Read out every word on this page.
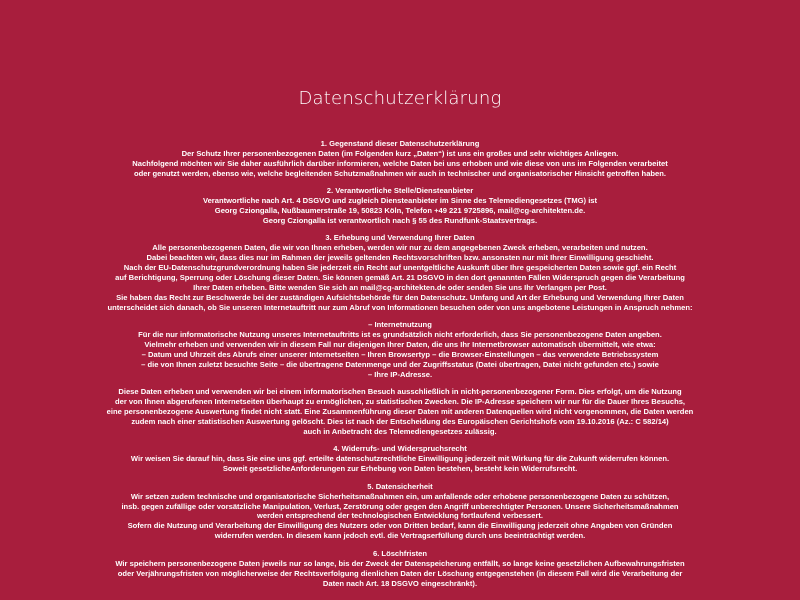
Datenschutzerklärung
1. Gegenstand dieser Datenschutzerklärung
Der Schutz Ihrer personenbezogenen Daten (im Folgenden kurz „Daten“) ist uns ein großes und sehr wichtiges Anliegen.
Nachfolgend möchten wir Sie daher ausführlich darüber informieren, welche Daten bei uns erhoben und wie diese von uns im Folgenden verarbeitet
oder genutzt werden, ebenso wie, welche begleitenden Schutzmaßnahmen wir auch in technischer und organisatorischer Hinsicht getroffen haben.
2. Verantwortliche Stelle/Diensteanbieter
Verantwortliche nach Art. 4 DSGVO und zugleich Diensteanbieter im Sinne des Telemediengesetzes (TMG) ist
Georg Cziongalla, Nußbaumerstraße 19, 50823 Köln, Telefon +49 221 9725896, mail@cg-architekten.de.
Georg Cziongalla ist verantwortlich nach § 55 des Rundfunk-Staatsvertrags.
3. Erhebung und Verwendung Ihrer Daten
Alle personenbezogenen Daten, die wir von Ihnen erheben, werden wir nur zu dem angegebenen Zweck erheben, verarbeiten und nutzen.
Dabei beachten wir, dass dies nur im Rahmen der jeweils geltenden Rechtsvorschriften bzw. ansonsten nur mit Ihrer Einwilligung geschieht.
Nach der EU-Datenschutzgrundverordnung haben Sie jederzeit ein Recht auf unentgeltliche Auskunft über Ihre gespeicherten Daten sowie ggf. ein Recht
auf Berichtigung, Sperrung oder Löschung dieser Daten. Sie können gemäß Art. 21 DSGVO in den dort genannten Fällen Widerspruch gegen die Verarbeitung
Ihrer Daten erheben. Bitte wenden Sie sich an mail@cg-architekten.de oder senden Sie uns Ihr Verlangen per Post.
Sie haben das Recht zur Beschwerde bei der zuständigen Aufsichtsbehörde für den Datenschutz. Umfang und Art der Erhebung und Verwendung Ihrer Daten
unterscheidet sich danach, ob Sie unseren Internetauftritt nur zum Abruf von Informationen besuchen oder von uns angebotene Leistungen in Anspruch nehmen:
– Internetnutzung
Für die nur informatorische Nutzung unseres Internetauftritts ist es grundsätzlich nicht erforderlich, dass Sie personenbezogene Daten angeben.
Vielmehr erheben und verwenden wir in diesem Fall nur diejenigen Ihrer Daten, die uns Ihr Internetbrowser automatisch übermittelt, wie etwa:
– Datum und Uhrzeit des Abrufs einer unserer Internetseiten – Ihren Browsertyp – die Browser-Einstellungen – das verwendete Betriebssystem
– die von Ihnen zuletzt besuchte Seite – die übertragene Datenmenge und der Zugriffsstatus (Datei übertragen, Datei nicht gefunden etc.) sowie
– Ihre IP-Adresse.
Diese Daten erheben und verwenden wir bei einem informatorischen Besuch ausschließlich in nicht-personenbezogener Form. Dies erfolgt, um die Nutzung
der von Ihnen abgerufenen Internetseiten überhaupt zu ermöglichen, zu statistischen Zwecken. Die IP-Adresse speichern wir nur für die Dauer Ihres Besuchs,
eine personenbezogene Auswertung findet nicht statt. Eine Zusammenführung dieser Daten mit anderen Datenquellen wird nicht vorgenommen, die Daten werden
zudem nach einer statistischen Auswertung gelöscht. Dies ist nach der Entscheidung des Europäischen Gerichtshofs vom 19.10.2016 (Az.: C 582/14)
auch in Anbetracht des Telemediengesetzes zulässig.
4. Widerrufs- und Widerspruchsrecht
Wir weisen Sie darauf hin, dass Sie eine uns ggf. erteilte datenschutzrechtliche Einwilligung jederzeit mit Wirkung für die Zukunft widerrufen können.
Soweit gesetzlicheAnforderungen zur Erhebung von Daten bestehen, besteht kein Widerrufsrecht.
5. Datensicherheit
Wir setzen zudem technische und organisatorische Sicherheitsmaßnahmen ein, um anfallende oder erhobene personenbezogene Daten zu schützen,
insb. gegen zufällige oder vorsätzliche Manipulation, Verlust, Zerstörung oder gegen den Angriff unberechtigter Personen. Unsere Sicherheitsmaßnahmen
werden entsprechend der technologischen Entwicklung fortlaufend verbessert.
Sofern die Nutzung und Verarbeitung der Einwilligung des Nutzers oder von Dritten bedarf, kann die Einwilligung jederzeit ohne Angaben von Gründen
widerrufen werden. In diesem kann jedoch evtl. die Vertragserfüllung durch uns beeinträchtigt werden.
6. Löschfristen
Wir speichern personenbezogene Daten jeweils nur so lange, bis der Zweck der Datenspeicherung entfällt, so lange keine gesetzlichen Aufbewahrungsfristen
oder Verjährungsfristen von möglicherweise der Rechtsverfolgung dienlichen Daten der Löschung entgegenstehen (in diesem Fall wird die Verarbeitung der
Daten nach Art. 18 DSGVO eingeschränkt).
